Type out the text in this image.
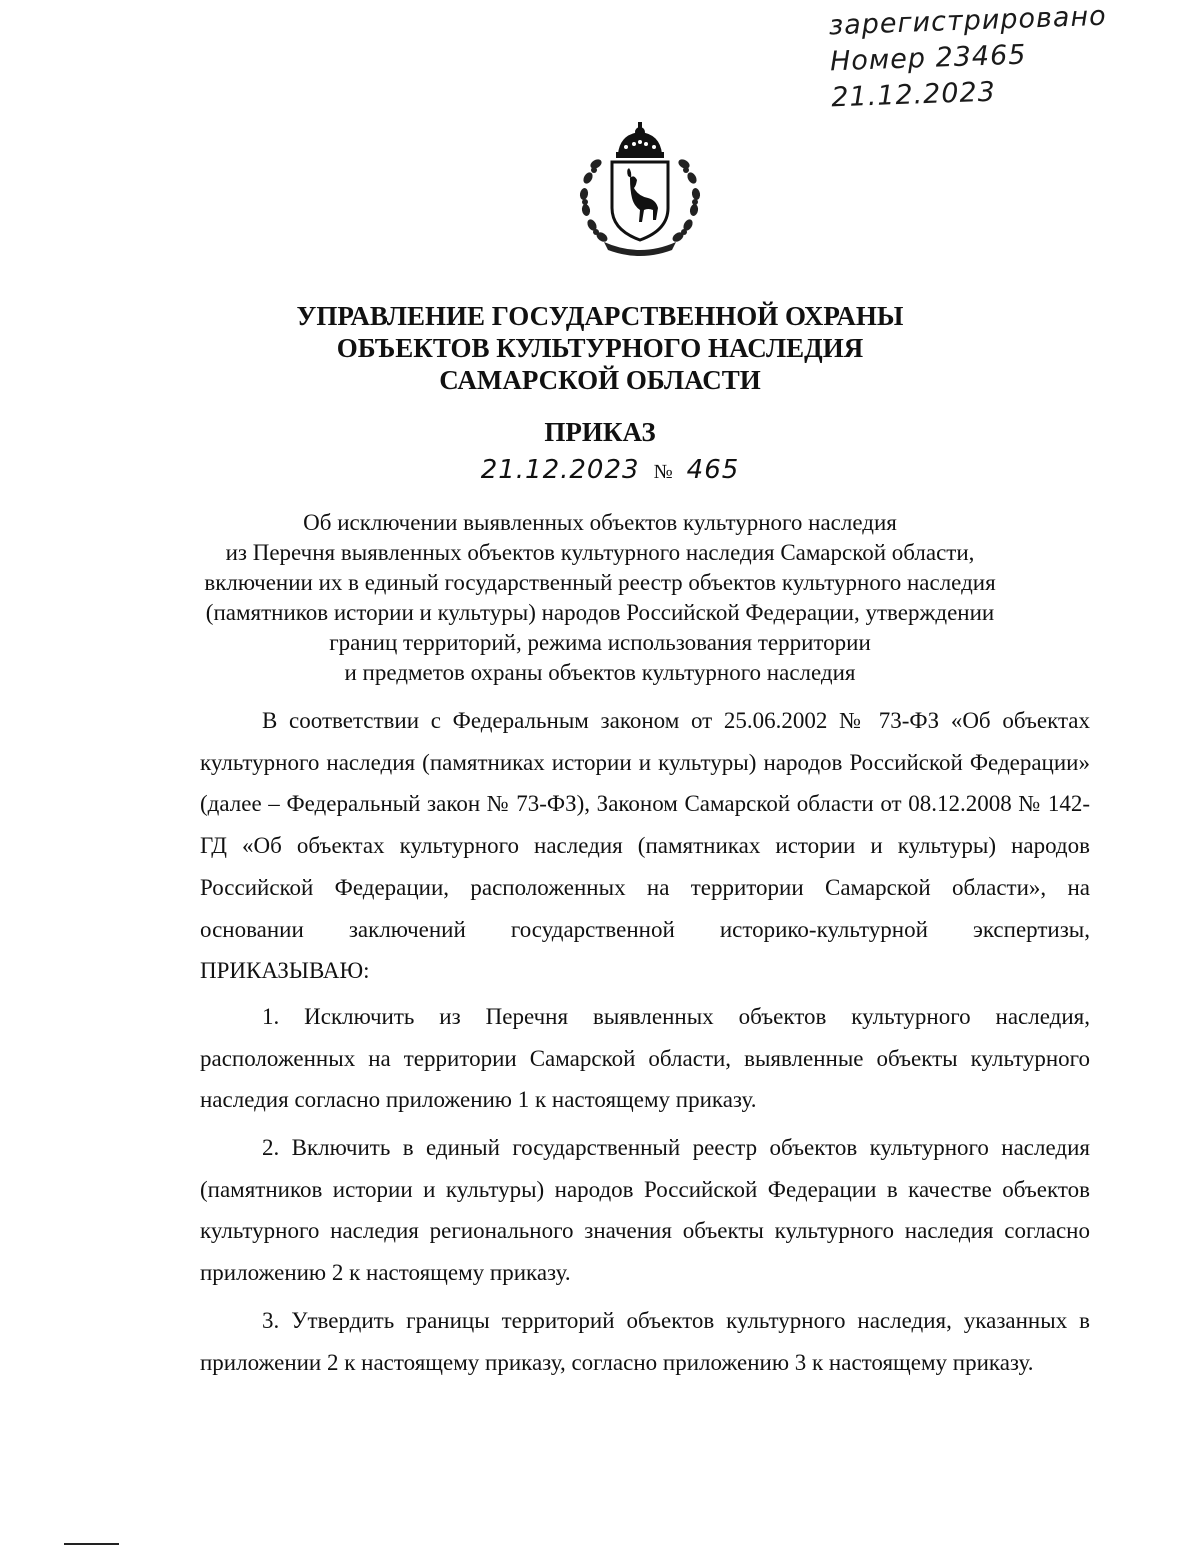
зарегистрировано
Номер 23465
21.12.2023
УПРАВЛЕНИЕ ГОСУДАРСТВЕННОЙ ОХРАНЫ
ОБЪЕКТОВ КУЛЬТУРНОГО НАСЛЕДИЯ
САМАРСКОЙ ОБЛАСТИ
ПРИКАЗ
21.12.2023 № 465
Об исключении выявленных объектов культурного наследия
из Перечня выявленных объектов культурного наследия Самарской области,
включении их в единый государственный реестр объектов культурного наследия
(памятников истории и культуры) народов Российской Федерации, утверждении
границ территорий, режима использования территории
и предметов охраны объектов культурного наследия

В соответствии с Федеральным законом от 25.06.2002 № 73-ФЗ «Об объектах культурного наследия (памятниках истории и культуры) народов Российской Федерации» (далее – Федеральный закон № 73-ФЗ), Законом Самарской области от 08.12.2008 № 142-ГД «Об объектах культурного наследия (памятниках истории и культуры) народов Российской Федерации, расположенных на территории Самарской области», на основании заключений государственной историко-культурной экспертизы, ПРИКАЗЫВАЮ:

1. Исключить из Перечня выявленных объектов культурного наследия, расположенных на территории Самарской области, выявленные объекты культурного наследия согласно приложению 1 к настоящему приказу.

2. Включить в единый государственный реестр объектов культурного наследия (памятников истории и культуры) народов Российской Федерации в качестве объектов культурного наследия регионального значения объекты культурного наследия согласно приложению 2 к настоящему приказу.

3. Утвердить границы территорий объектов культурного наследия, указанных в приложении 2 к настоящему приказу, согласно приложению 3 к настоящему приказу.
